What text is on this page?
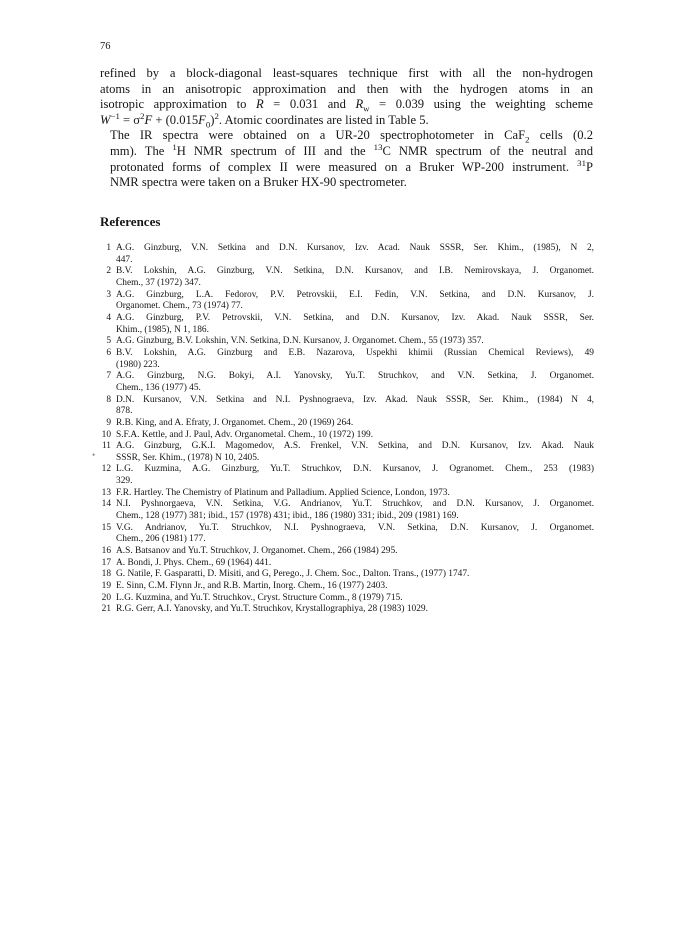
76

refined by a block-diagonal least-squares technique first with all the non-hydrogen
atoms in an anisotropic approximation and then with the hydrogen atoms in an
isotropic approximation to R = 0.031 and $R_w = 0.039$ using the weighting scheme
$W^{-1} = \sigma^2F + (0.015F_0)^2$. Atomic coordinates are listed in Table 5.

The IR spectra were obtained on a UR-20 spectrophotometer in CaF$_2$ cells (0.2
mm). The $^1$H NMR spectrum of III and the $^{13}$C NMR spectrum of the neutral and
protonated forms of complex II were measured on a Bruker WP-200 instrument. $^{31}$P
NMR spectra were taken on a Bruker HX-90 spectrometer.

References
•
1 A.G. Ginzburg, V.N. Setkina and D.N. Kursanov, Izv. Acad. Nauk SSSR, Ser. Khim., (1985), N 2,
447.
2 B.V. Lokshin, A.G. Ginzburg, V.N. Setkina, D.N. Kursanov, and I.B. Nemirovskaya, J. Organomet.
Chem., 37 (1972) 347.
3 A.G. Ginzburg, L.A. Fedorov, P.V. Petrovskii, E.I. Fedin, V.N. Setkina, and D.N. Kursanov, J.
Organomet. Chem., 73 (1974) 77.
4 A.G. Ginzburg, P.V. Petrovskii, V.N. Setkina, and D.N. Kursanov, Izv. Akad. Nauk SSSR, Ser.
Khim., (1985), N 1, 186.
5 A.G. Ginzburg, B.V. Lokshin, V.N. Setkina, D.N. Kursanov, J. Organomet. Chem., 55 (1973) 357.
6 B.V. Lokshin, A.G. Ginzburg and E.B. Nazarova, Uspekhi khimii (Russian Chemical Reviews), 49
(1980) 223.
7 A.G. Ginzburg, N.G. Bokyi, A.I. Yanovsky, Yu.T. Struchkov, and V.N. Setkina, J. Organomet.
Chem., 136 (1977) 45.
8 D.N. Kursanov, V.N. Setkina and N.I. Pyshnograeva, Izv. Akad. Nauk SSSR, Ser. Khim., (1984) N 4,
878.
9 R.B. King, and A. Efraty, J. Organomet. Chem., 20 (1969) 264.
10 S.F.A. Kettle, and J. Paul, Adv. Organometal. Chem., 10 (1972) 199.
11 A.G. Ginzburg, G.K.I. Magomedov, A.S. Frenkel, V.N. Setkina, and D.N. Kursanov, Izv. Akad. Nauk
SSSR, Ser. Khim., (1978) N 10, 2405.
12 L.G. Kuzmina, A.G. Ginzburg, Yu.T. Struchkov, D.N. Kursanov, J. Ogranomet. Chem., 253 (1983)
329.
13 F.R. Hartley. The Chemistry of Platinum and Palladium. Applied Science, London, 1973.
14 N.I. Pyshnorgaeva, V.N. Setkina, V.G. Andrianov, Yu.T. Struchkov, and D.N. Kursanov, J. Organomet.
Chem., 128 (1977) 381; ibid., 157 (1978) 431; ibid., 186 (1980) 331; ibid., 209 (1981) 169.
15 V.G. Andrianov, Yu.T. Struchkov, N.I. Pyshnograeva, V.N. Setkina, D.N. Kursanov, J. Organomet.
Chem., 206 (1981) 177.
16 A.S. Batsanov and Yu.T. Struchkov, J. Organomet. Chem., 266 (1984) 295.
17 A. Bondi, J. Phys. Chem., 69 (1964) 441.
18 G. Natile, F. Gasparatti, D. Misiti, and G, Perego., J. Chem. Soc., Dalton. Trans., (1977) 1747.
19 E. Sinn, C.M. Flynn Jr., and R.B. Martin, Inorg. Chem., 16 (1977) 2403.
20 L.G. Kuzmina, and Yu.T. Struchkov., Cryst. Structure Comm., 8 (1979) 715.
21 R.G. Gerr, A.I. Yanovsky, and Yu.T. Struchkov, Krystallographiya, 28 (1983) 1029.
